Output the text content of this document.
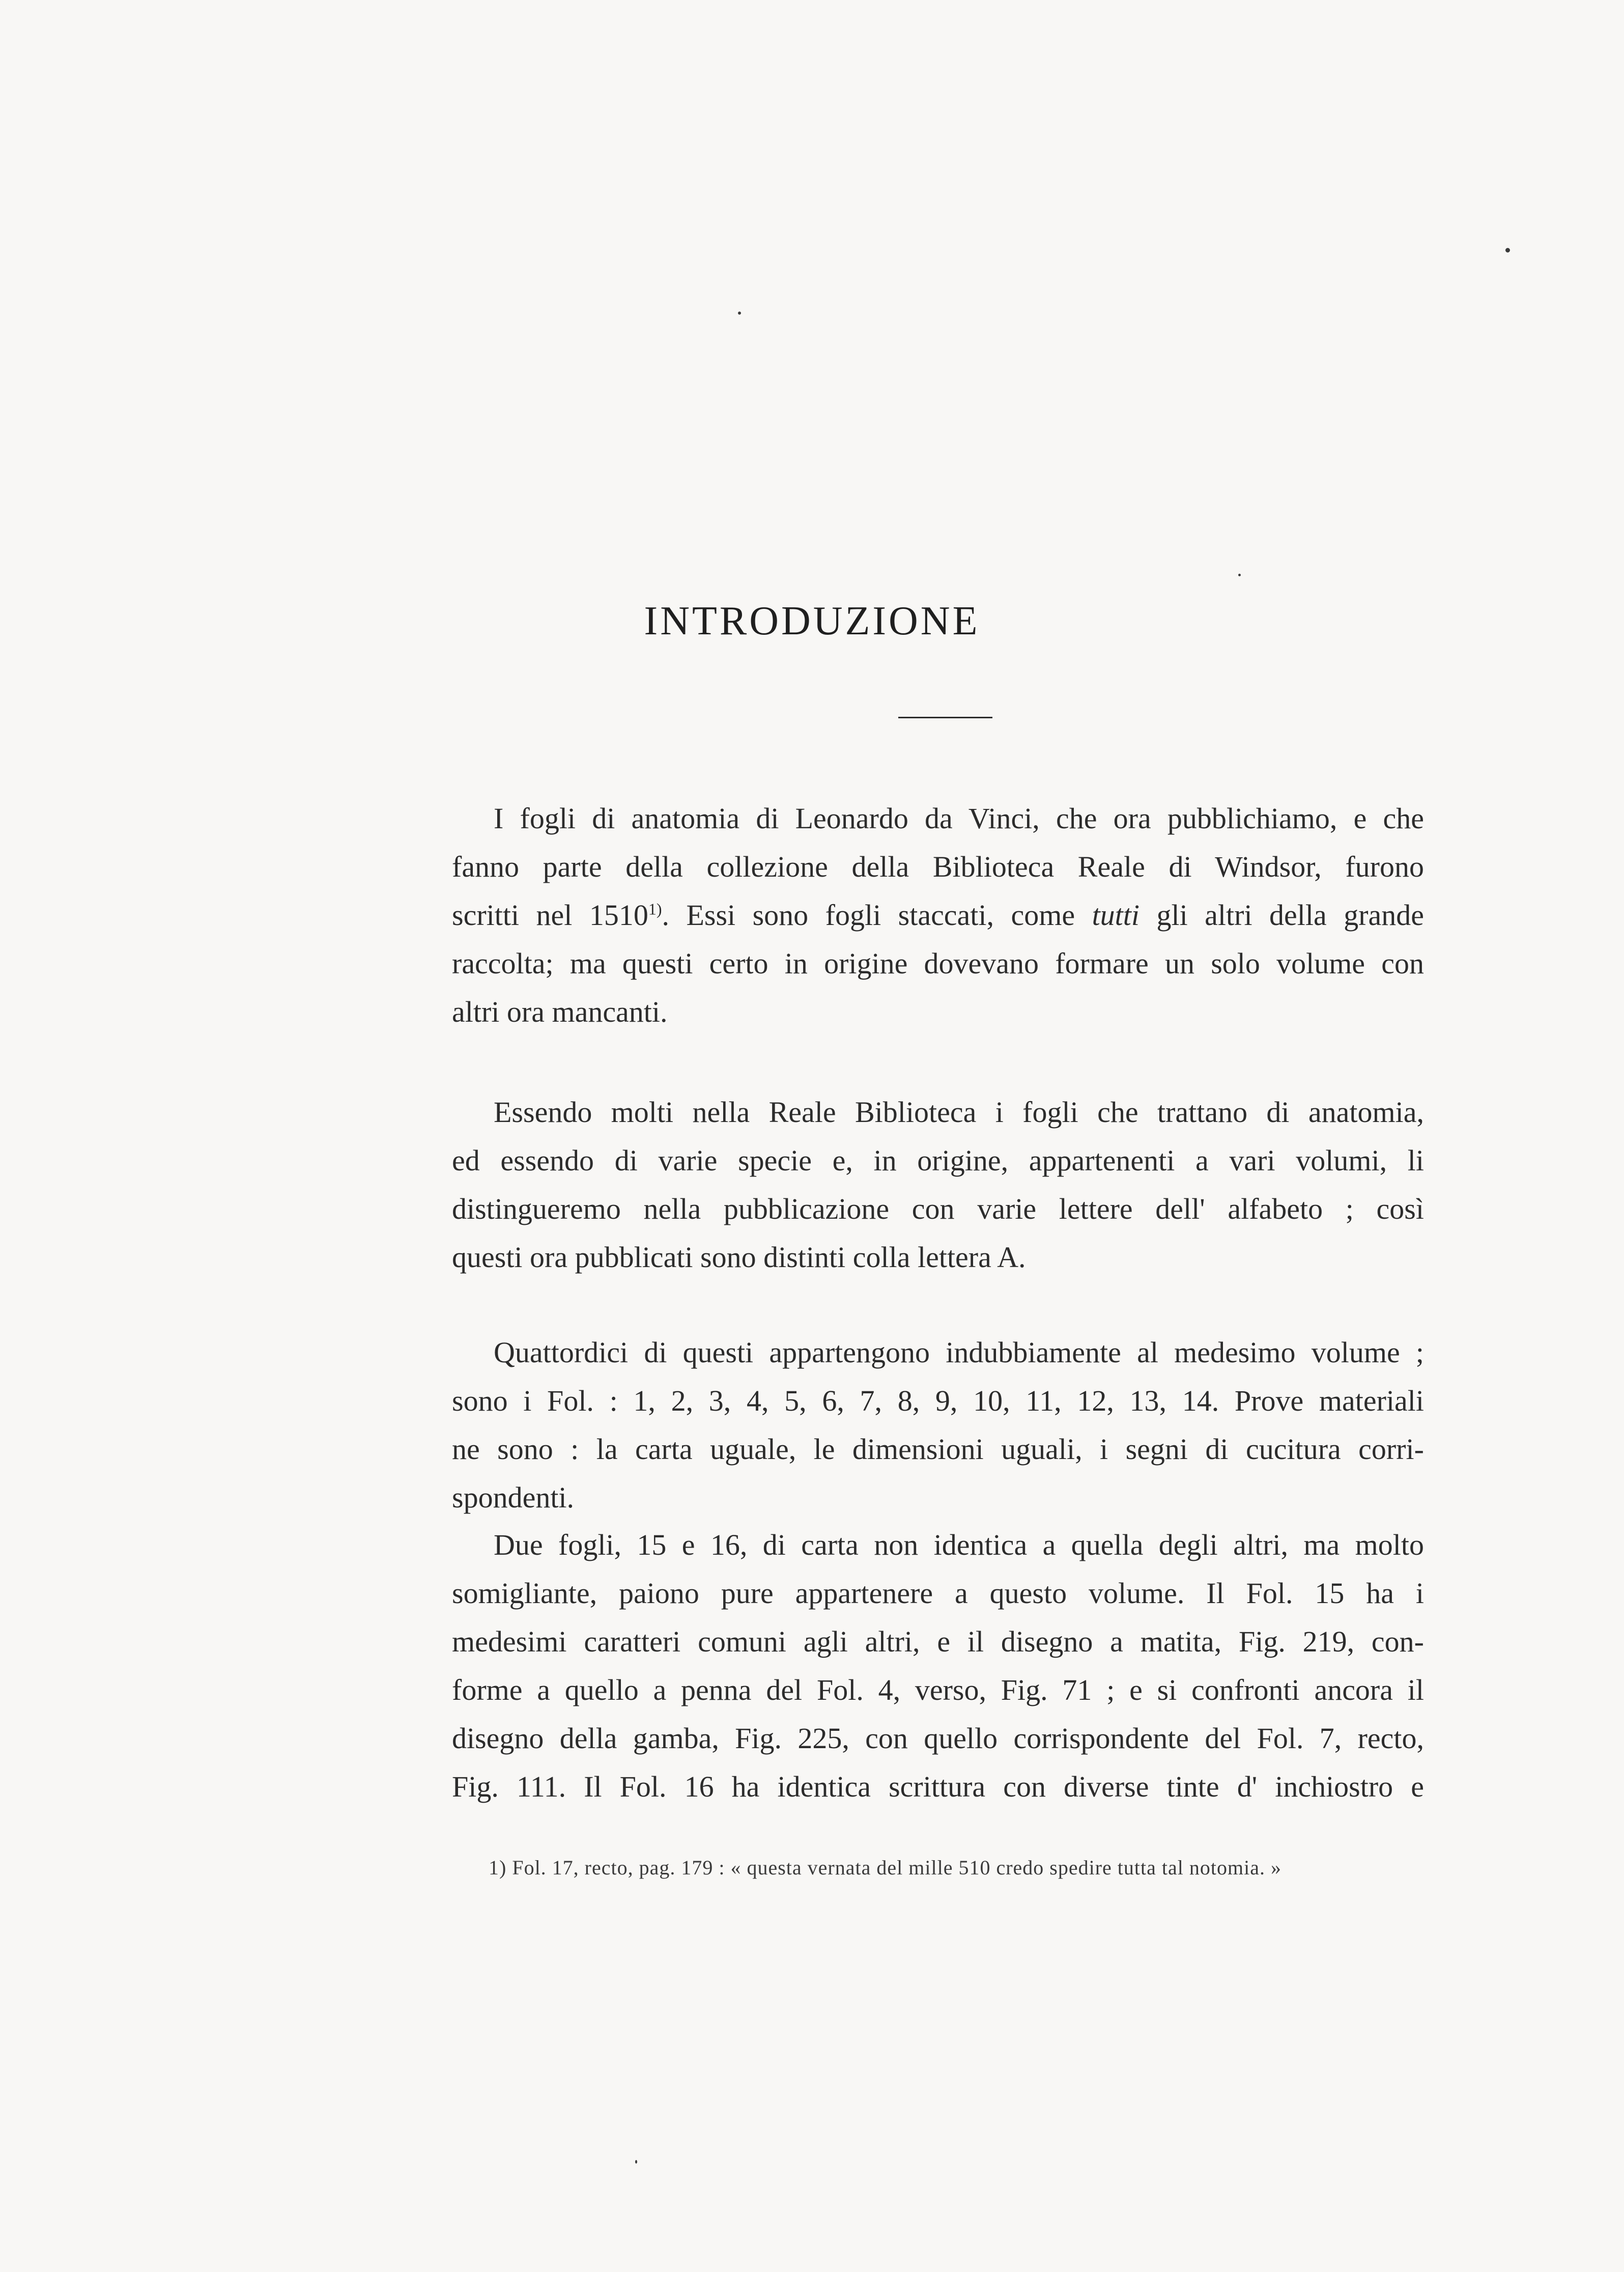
INTRODUZIONE
I fogli di anatomia di Leonardo da Vinci, che ora pubblichiamo, e che
fanno parte della collezione della Biblioteca Reale di Windsor, furono
scritti nel 1510$^{1)}$. Essi sono fogli staccati, come tutti gli altri della grande
raccolta; ma questi certo in origine dovevano formare un solo volume con
altri ora mancanti.
Essendo molti nella Reale Biblioteca i fogli che trattano di anatomia,
ed essendo di varie specie e, in origine, appartenenti a vari volumi, li
distingueremo nella pubblicazione con varie lettere dell' alfabeto ; così
questi ora pubblicati sono distinti colla lettera A.
Quattordici di questi appartengono indubbiamente al medesimo volume ;
sono i Fol. : 1, 2, 3, 4, 5, 6, 7, 8, 9, 10, 11, 12, 13, 14. Prove materiali
ne sono : la carta uguale, le dimensioni uguali, i segni di cucitura corri-
spondenti.
Due fogli, 15 e 16, di carta non identica a quella degli altri, ma molto
somigliante, paiono pure appartenere a questo volume. Il Fol. 15 ha i
medesimi caratteri comuni agli altri, e il disegno a matita, Fig. 219, con-
forme a quello a penna del Fol. 4, verso, Fig. 71 ; e si confronti ancora il
disegno della gamba, Fig. 225, con quello corrispondente del Fol. 7, recto,
Fig. 111. Il Fol. 16 ha identica scrittura con diverse tinte d' inchiostro e

1) Fol. 17, recto, pag. 179 : « questa vernata del mille 510 credo spedire tutta tal notomia. »
